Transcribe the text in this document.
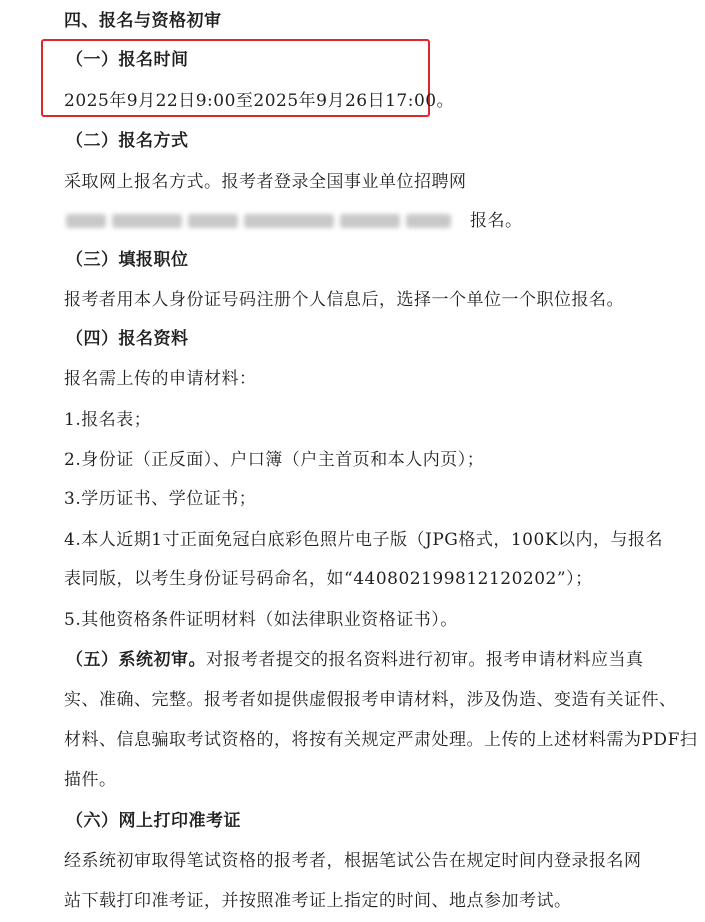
四、报名与资格初审
（一）报名时间
2025年9月22日9:00至2025年9月26日17:00。
（二）报名方式
采取网上报名方式。报考者登录全国事业单位招聘网
报名。
（三）填报职位
报考者用本人身份证号码注册个人信息后，选择一个单位一个职位报名。
（四）报名资料
报名需上传的申请材料：
1.报名表；
2.身份证（正反面）、户口簿（户主首页和本人内页）；
3.学历证书、学位证书；
4.本人近期1寸正面免冠白底彩色照片电子版（JPG格式，100K以内，与报名
表同版，以考生身份证号码命名，如“440802199812120202”）；
5.其他资格条件证明材料（如法律职业资格证书）。
（五）系统初审。对报考者提交的报名资料进行初审。报考申请材料应当真
实、准确、完整。报考者如提供虚假报考申请材料，涉及伪造、变造有关证件、
材料、信息骗取考试资格的，将按有关规定严肃处理。上传的上述材料需为PDF扫
描件。
（六）网上打印准考证
经系统初审取得笔试资格的报考者，根据笔试公告在规定时间内登录报名网
站下载打印准考证，并按照准考证上指定的时间、地点参加考试。
